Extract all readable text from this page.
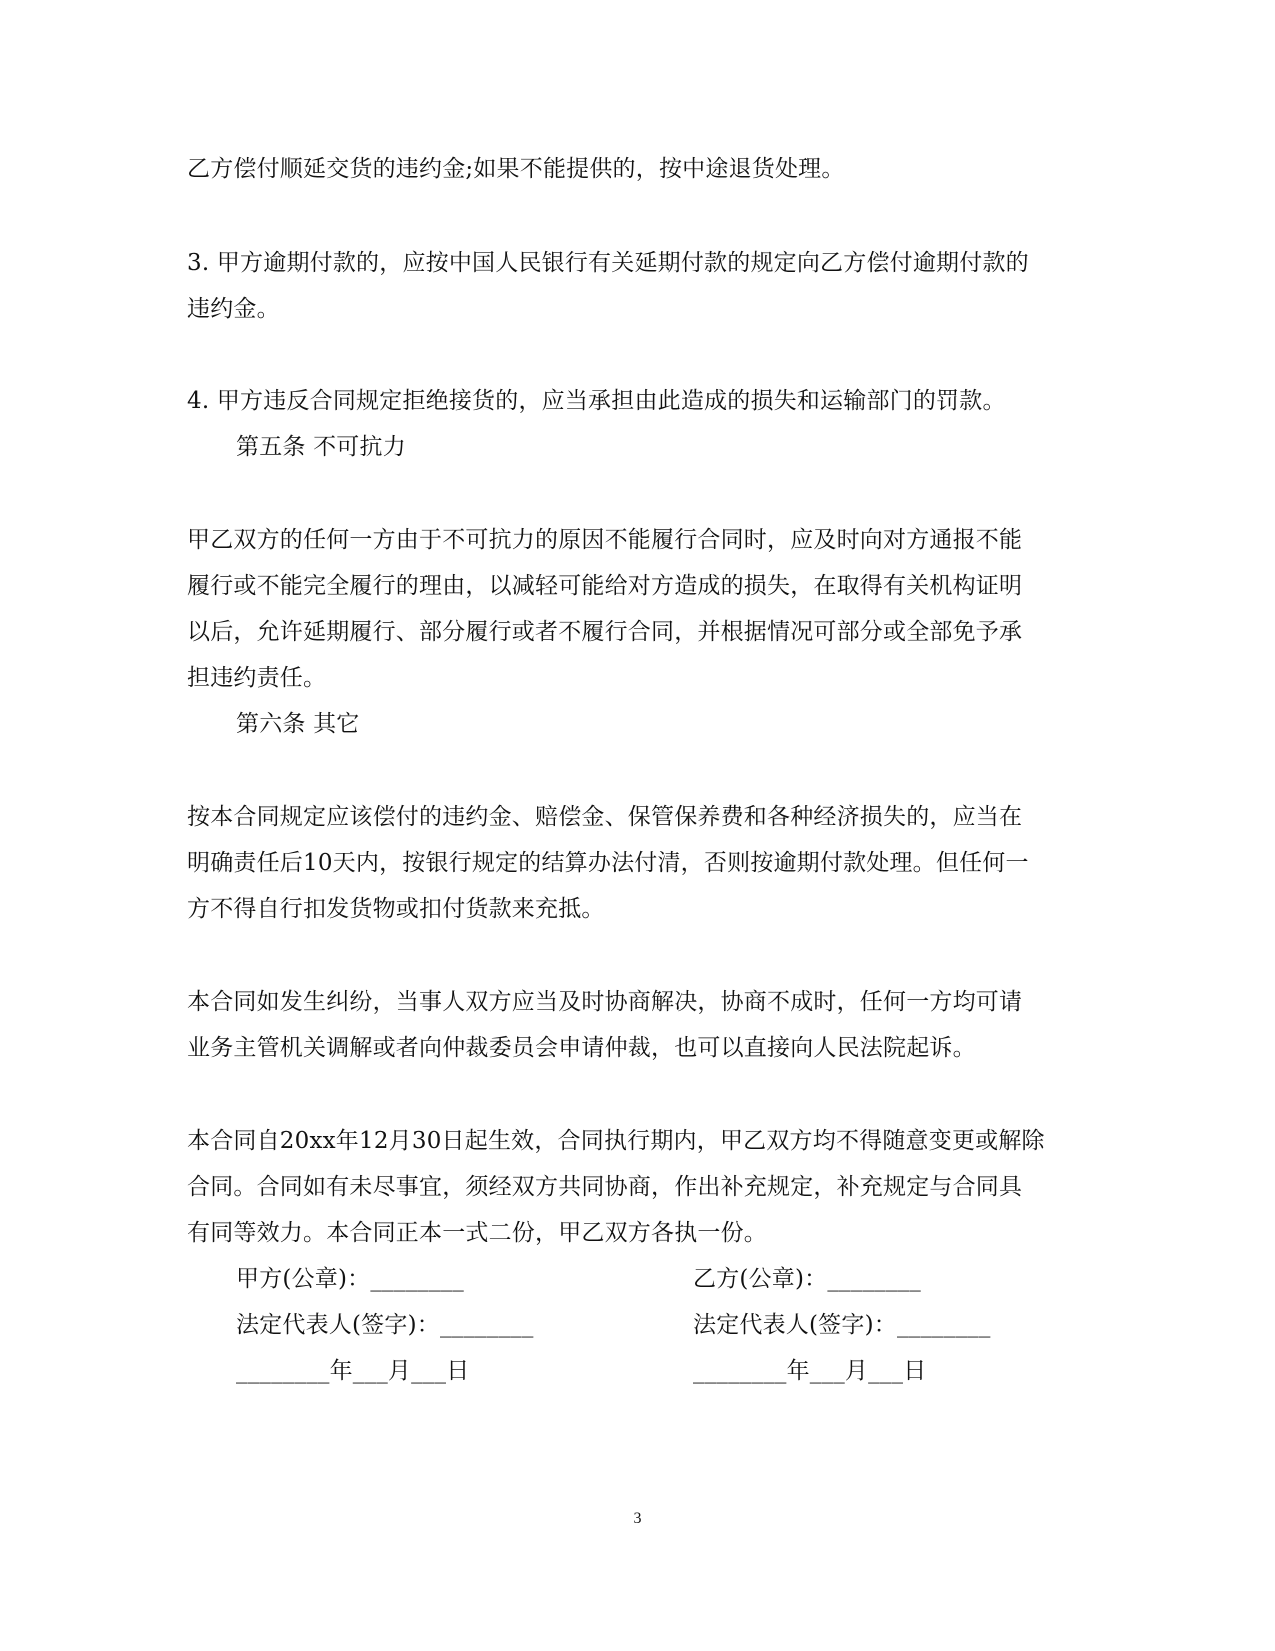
乙方偿付顺延交货的违约金;如果不能提供的，按中途退货处理。
3. 甲方逾期付款的，应按中国人民银行有关延期付款的规定向乙方偿付逾期付款的
违约金。
4. 甲方违反合同规定拒绝接货的，应当承担由此造成的损失和运输部门的罚款。
第五条 不可抗力
甲乙双方的任何一方由于不可抗力的原因不能履行合同时，应及时向对方通报不能
履行或不能完全履行的理由，以减轻可能给对方造成的损失，在取得有关机构证明
以后，允许延期履行、部分履行或者不履行合同，并根据情况可部分或全部免予承
担违约责任。
第六条 其它
按本合同规定应该偿付的违约金、赔偿金、保管保养费和各种经济损失的，应当在
明确责任后10天内，按银行规定的结算办法付清，否则按逾期付款处理。但任何一
方不得自行扣发货物或扣付货款来充抵。
本合同如发生纠纷，当事人双方应当及时协商解决，协商不成时，任何一方均可请
业务主管机关调解或者向仲裁委员会申请仲裁，也可以直接向人民法院起诉。
本合同自20xx年12月30日起生效，合同执行期内，甲乙双方均不得随意变更或解除
合同。合同如有未尽事宜，须经双方共同协商，作出补充规定，补充规定与合同具
有同等效力。本合同正本一式二份，甲乙双方各执一份。
甲方(公章)：________	乙方(公章)：________
法定代表人(签字)：________	法定代表人(签字)：________
________年___月___日	________年___月___日
3
